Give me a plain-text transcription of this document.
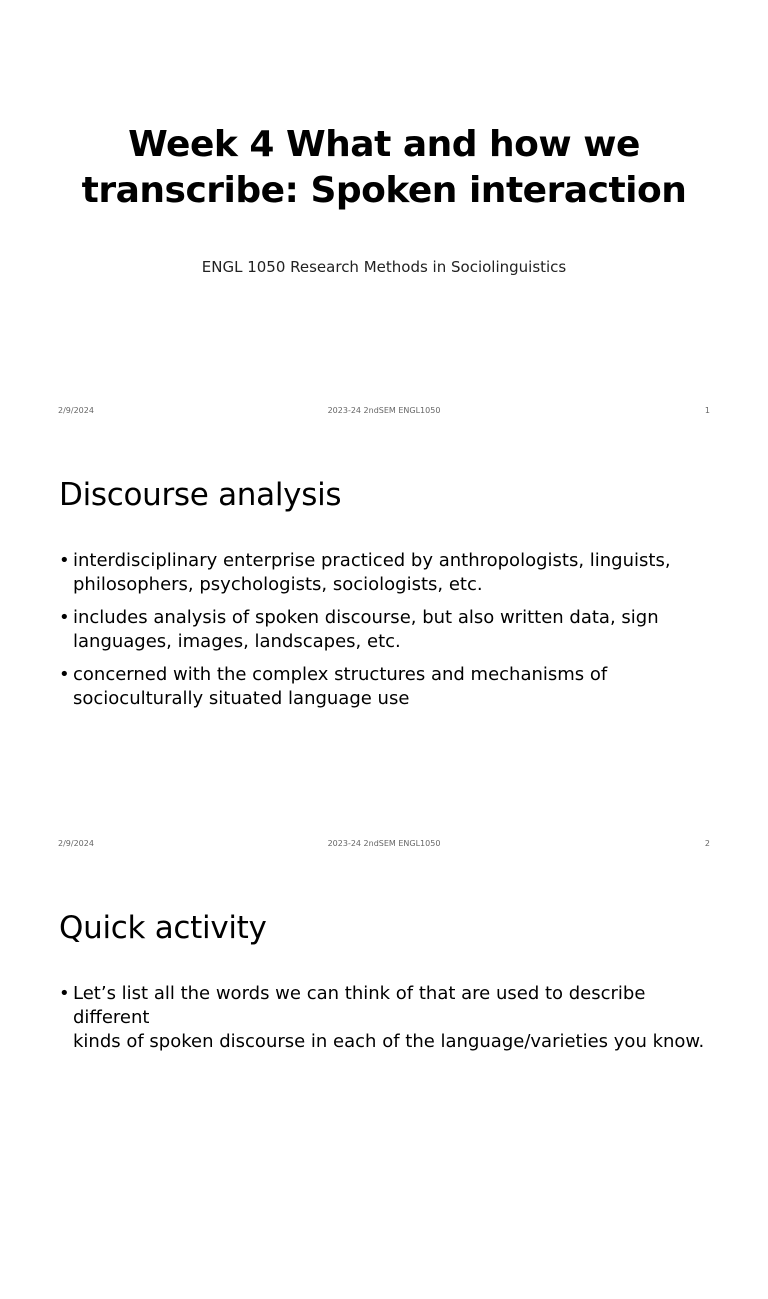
Week 4 What and how we
transcribe: Spoken interaction
ENGL 1050 Research Methods in Sociolinguistics
2/9/2024	2023-24 2ndSEM ENGL1050	1
Discourse analysis
• interdisciplinary enterprise practiced by anthropologists, linguists,
philosophers, psychologists, sociologists, etc.
• includes analysis of spoken discourse, but also written data, sign
languages, images, landscapes, etc.
• concerned with the complex structures and mechanisms of
socioculturally situated language use
2/9/2024	2023-24 2ndSEM ENGL1050	2
Quick activity
• Let’s list all the words we can think of that are used to describe different
kinds of spoken discourse in each of the language/varieties you know.
